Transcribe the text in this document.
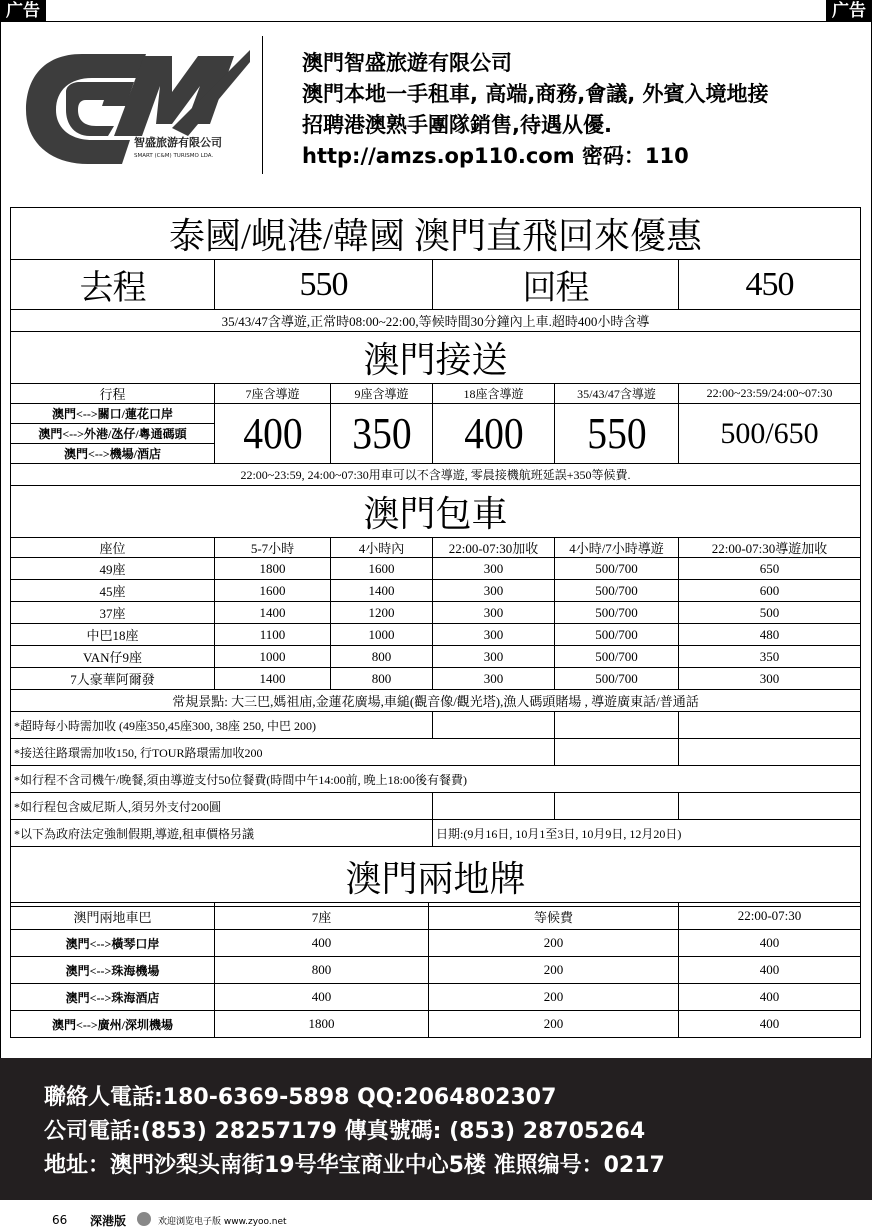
广告	广告
智盛旅游有限公司
SMART (C&M) TURISMO LDA.
澳門智盛旅遊有限公司
澳門本地一手租車, 高端,商務,會議, 外賓入境地接
招聘港澳熟手團隊銷售,待遇从優.
http://amzs.op110.com 密码：110
泰國/峴港/韓國 澳門直飛回來優惠					
去程	550		回程		450
35/43/47含導遊,正常時08:00~22:00,等候時間30分鐘內上車.超時400小時含導					
澳門接送					
行程	7座含導遊	9座含導遊	18座含導遊	35/43/47含導遊	22:00~23:59/24:00~07:30
澳門<-->關口/蓮花口岸	400	350	400	550	500/650
澳門<-->外港/氹仔/粵通碼頭					
澳門<-->機場/酒店					
22:00~23:59, 24:00~07:30用車可以不含導遊, 零晨接機航班延誤+350等候費.					
澳門包車					
座位	5-7小時	4小時內	22:00-07:30加收	4小時/7小時導遊	22:00-07:30導遊加收
49座	1800	1600	300	500/700	650
45座	1600	1400	300	500/700	600
37座	1400	1200	300	500/700	500
中巴18座	1100	1000	300	500/700	480
VAN仔9座	1000	800	300	500/700	350
7人豪華阿爾發	1400	800	300	500/700	300
常規景點: 大三巴,媽祖庙,金蓮花廣場,車縋(觀音像/觀光塔),漁人碼頭賭場 , 導遊廣東話/普通話					
*超時每小時需加收 (49座350,45座300, 38座 250, 中巴 200)					
*接送往路環需加收150, 行TOUR路環需加收200					
*如行程不含司機午/晚餐,須由導遊支付50位餐費(時間中午14:00前, 晚上18:00後有餐費)					
*如行程包含威尼斯人,須另外支付200圓					
*以下為政府法定強制假期,導遊,租車價格另議			日期:(9月16日, 10月1至3日, 10月9日, 12月20日)		
澳門兩地牌					
澳門兩地車巴	7座	等候費	22:00-07:30
澳門<-->橫琴口岸	400	200	400
澳門<-->珠海機場	800	200	400
澳門<-->珠海酒店	400	200	400
澳門<-->廣州/深圳機場	1800	200	400
聯絡人電話:180-6369-5898 QQ:2064802307
公司電話:(853) 28257179 傳真號碼: (853) 28705264
地址：澳門沙梨头南街19号华宝商业中心5楼 准照编号：0217
66 深港版	欢迎浏览电子版 www.zyoo.net
